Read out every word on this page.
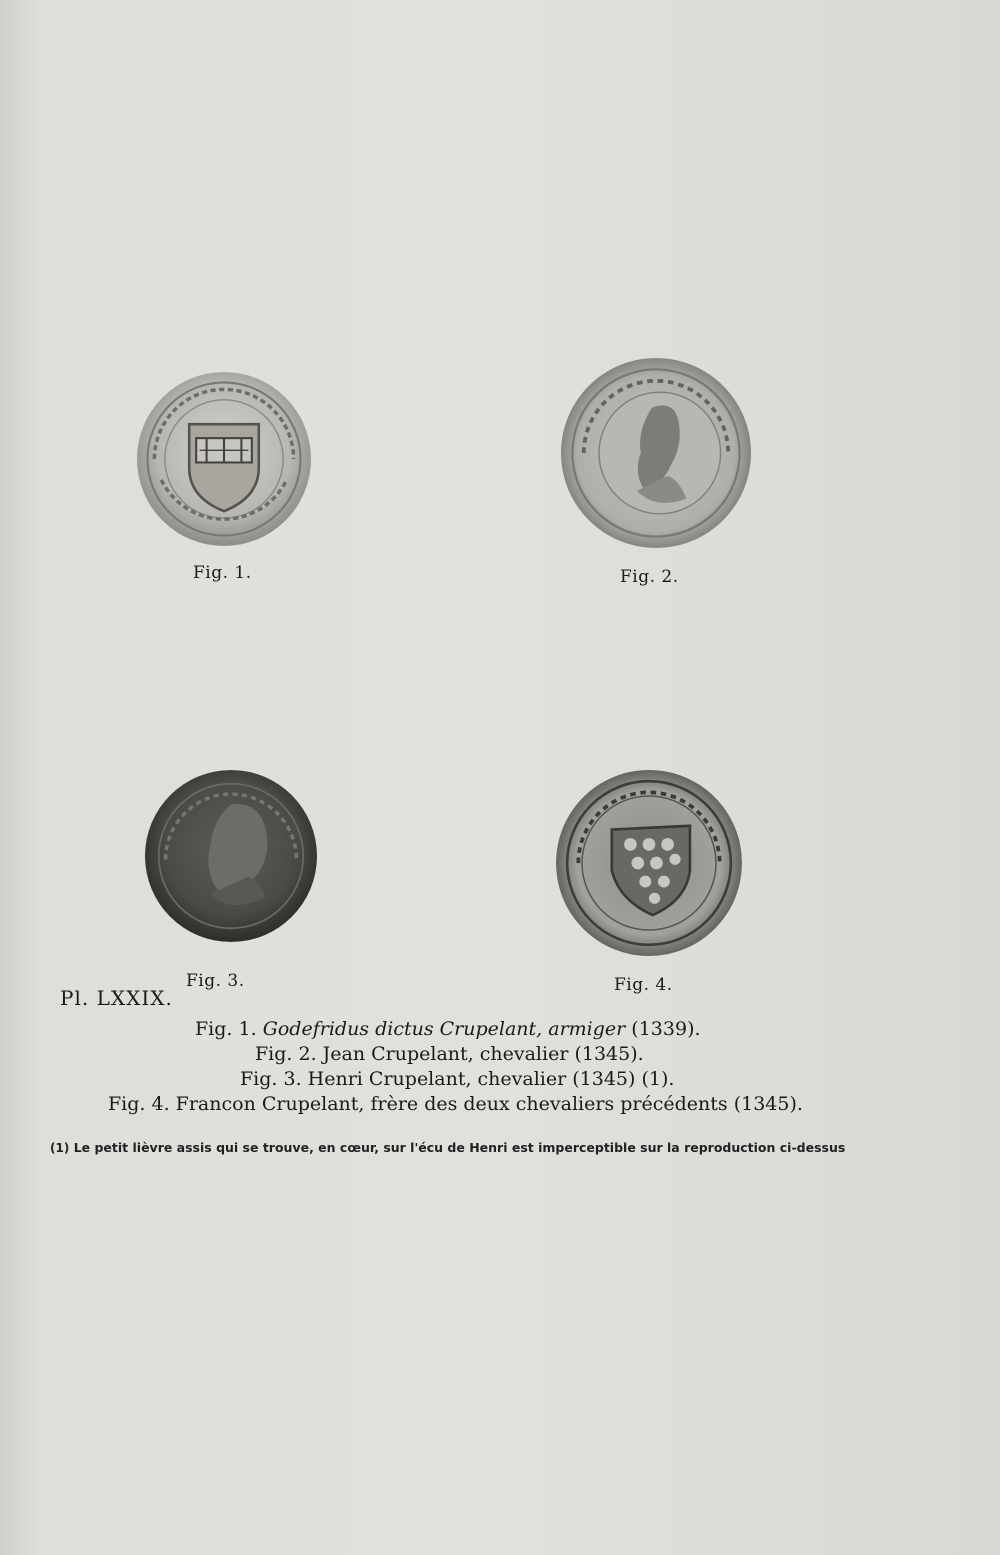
Fig. 1.	Fig. 2.
Fig. 3.	Fig. 4.
Pl. LXXIX.
Fig. 1. Godefridus dictus Crupelant, armiger (1339).
Fig. 2. Jean Crupelant, chevalier (1345).
Fig. 3. Henri Crupelant, chevalier (1345) (1).
Fig. 4. Francon Crupelant, frère des deux chevaliers précédents (1345).
(1) Le petit lièvre assis qui se trouve, en cœur, sur l'écu de Henri est imperceptible sur la reproduction ci-dessus
